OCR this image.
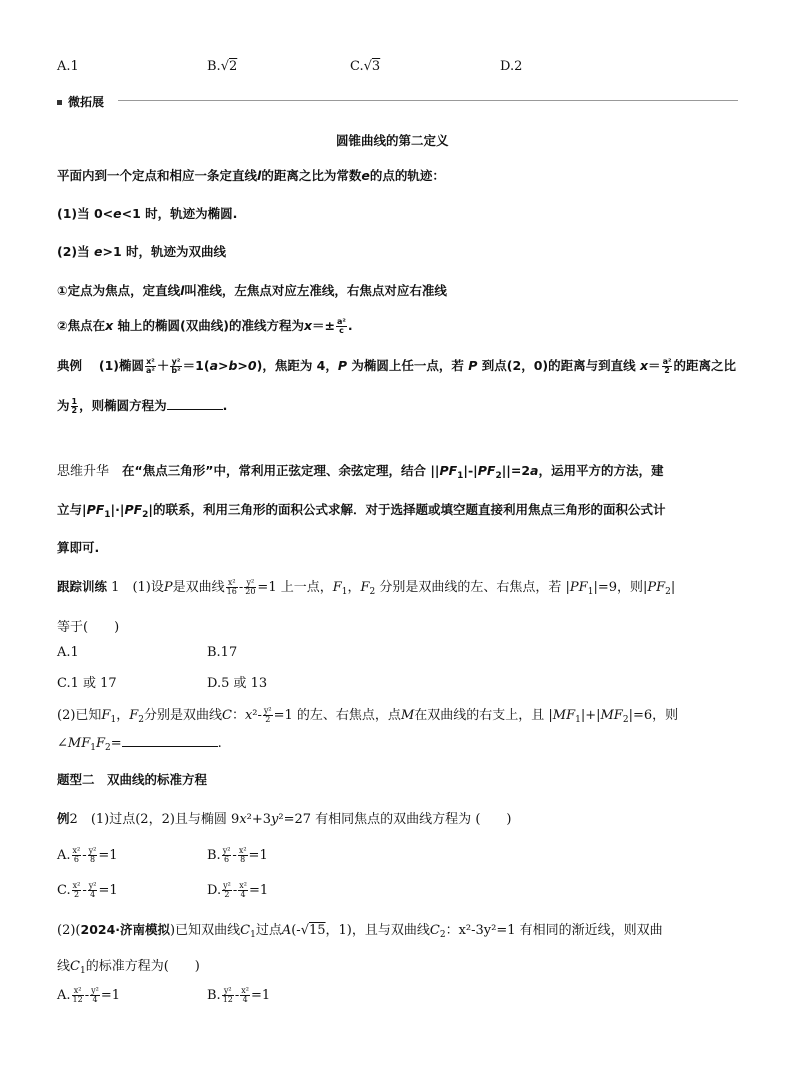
A.1	B.√2	C.√3	D.2
微拓展
圆锥曲线的第二定义
平面内到一个定点和相应一条定直线l的距离之比为常数e的点的轨迹：
(1)当 0<e<1 时，轨迹为椭圆.
(2)当 e>1 时，轨迹为双曲线
①定点为焦点，定直线l叫准线，左焦点对应左准线，右焦点对应右准线
②焦点在x 轴上的椭圆(双曲线)的准线方程为$x=\pm \frac{\text{a²}}{c}$ .
典例　 (1)椭圆 $\frac{\text{x²}}{\text{a²}} + \frac{\text{y²}}{\text{b²}} =1(a>b>0)$，焦距为 4，P 为椭圆上任一点，若 P 到点(2，0)的距离与到直线 $x= \frac{\text{a²}}{2}$ 的距离之比
为 $\frac{1}{2}$ ，则椭圆方程为	.
思维升华　 在“焦点三角形”中，常利用正弦定理、余弦定理，结合 $||PF_1|-|PF_2||=2a$，运用平方的方法，建
立与$|PF_1|\cdot|PF_2|$的联系，利用三角形的面积公式求解．对于选择题或填空题直接利用焦点三角形的面积公式计
算即可.
跟踪训练 1　 (1)设P是双曲线 $\frac{\text{x²}}{16} - \frac{\text{y²}}{20} =1$ 上一点，$F_1$，$F_2$ 分别是双曲线的左、右焦点，若 $|PF_1|=9$，则$|PF_2|$
等于(　　)
A.1	B.17
C.1 或 17	D.5 或 13
(2)已知$F_1$，$F_2$分别是双曲线C：$x^2- \frac{\text{y²}}{2} =1$ 的左、右焦点，点M在双曲线的右支上，且 $|MF_1|+|MF_2|=6$，则
$\angle MF_1F_2=$	.
题型二　双曲线的标准方程
例2　 (1)过点(2，2)且与椭圆 9x²+3y²=27 有相同焦点的双曲线方程为 (　　)
A. $\frac{\text{x²}}{6} - \frac{\text{y²}}{8} =1$	B. $\frac{\text{y²}}{6} - \frac{\text{x²}}{8} =1$
C. $\frac{\text{x²}}{2} - \frac{\text{y²}}{4} =1$	D. $\frac{\text{y²}}{2} - \frac{\text{x²}}{4} =1$
(2)(2024·济南模拟)已知双曲线$C_1$过点A(-√15，1)，且与双曲线$C_2$：x²-3y²=1 有相同的渐近线，则双曲
线$C_1$的标准方程为(　　)
A. $\frac{\text{x²}}{12} - \frac{\text{y²}}{4} =1$	B. $\frac{\text{y²}}{12} - \frac{\text{x²}}{4} =1$
